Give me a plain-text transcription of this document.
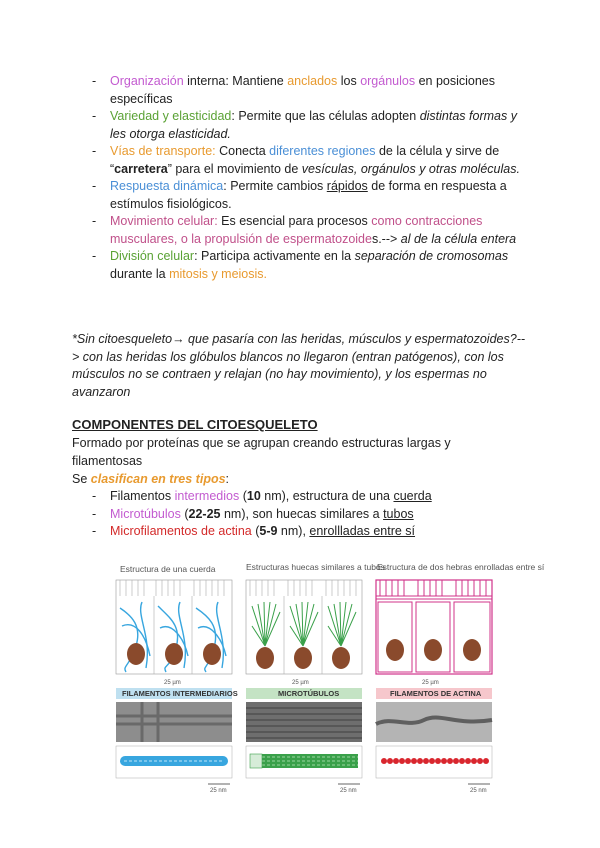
- Organización interna: Mantiene anclados los orgánulos en posiciones específicas
- Variedad y elasticidad: Permite que las células adopten distintas formas y les otorga elasticidad.
- Vías de transporte: Conecta diferentes regiones de la célula y sirve de “carretera” para el movimiento de vesículas, orgánulos y otras moléculas.
- Respuesta dinámica: Permite cambios rápidos de forma en respuesta a estímulos fisiológicos.
- Movimiento celular: Es esencial para procesos como contracciones musculares, o la propulsión de espermatozoides.--> al de la célula entera
- División celular: Participa activamente en la separación de cromosomas durante la mitosis y meiosis.
*Sin citoesqueleto→ que pasaría con las heridas, músculos y espermatozoides?--> con las heridas los glóbulos blancos no llegaron (entran patógenos), con los músculos no se contraen y relajan (no hay movimiento), y los espermas no avanzaron
COMPONENTES DEL CITOESQUELETO
Formado por proteínas que se agrupan creando estructuras largas y filamentosas
Se clasifican en tres tipos:
- Filamentos intermedios (10 nm), estructura de una cuerda
- Microtúbulos (22-25 nm), son huecas similares a tubos
- Microfilamentos de actina (5-9 nm), enrollladas entre sí
Estructura de una cuerda	Estructuras huecas similares a tubos
Estructura de dos hebras enrolladas entre sí
25 µm	25 µm	25 µm
FILAMENTOS INTERMEDIARIOS	MICROTÚBULOS	FILAMENTOS DE ACTINA
25 nm	25 nm	25 nm
